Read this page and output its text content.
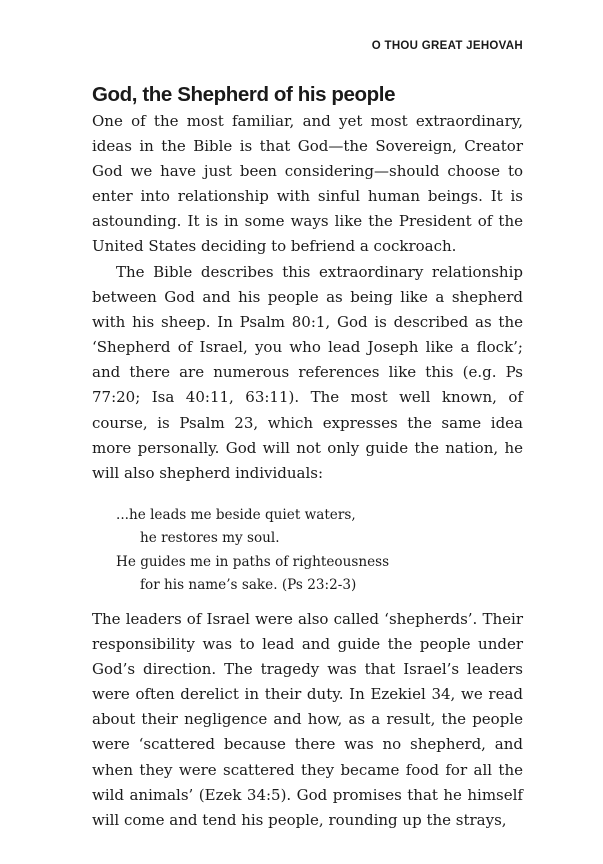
O THOU GREAT JEHOVAH
God, the Shepherd of his people

One of the most familiar, and yet most extraordinary, ideas in the Bible is that God—the Sovereign, Creator God we have just been considering—should choose to enter into relationship with sinful human beings. It is astounding. It is in some ways like the President of the United States deciding to befriend a cockroach.

The Bible describes this extraordinary relationship between God and his people as being like a shepherd with his sheep. In Psalm 80:1, God is described as the ‘Shepherd of Israel, you who lead Joseph like a flock’; and there are numerous references like this (e.g. Ps 77:20; Isa 40:11, 63:11). The most well known, of course, is Psalm 23, which expresses the same idea more personally. God will not only guide the nation, he will also shepherd individuals:

...he leads me beside quiet waters,
he restores my soul.
He guides me in paths of righteousness
for his name’s sake. (Ps 23:2-3)

The leaders of Israel were also called ‘shepherds’. Their responsibility was to lead and guide the people under God’s direction. The tragedy was that Israel’s leaders were often derelict in their duty. In Ezekiel 34, we read about their negligence and how, as a result, the people were ‘scattered because there was no shepherd, and when they were scattered they became food for all the wild animals’ (Ezek 34:5). God promises that he himself will come and tend his people, rounding up the strays,
